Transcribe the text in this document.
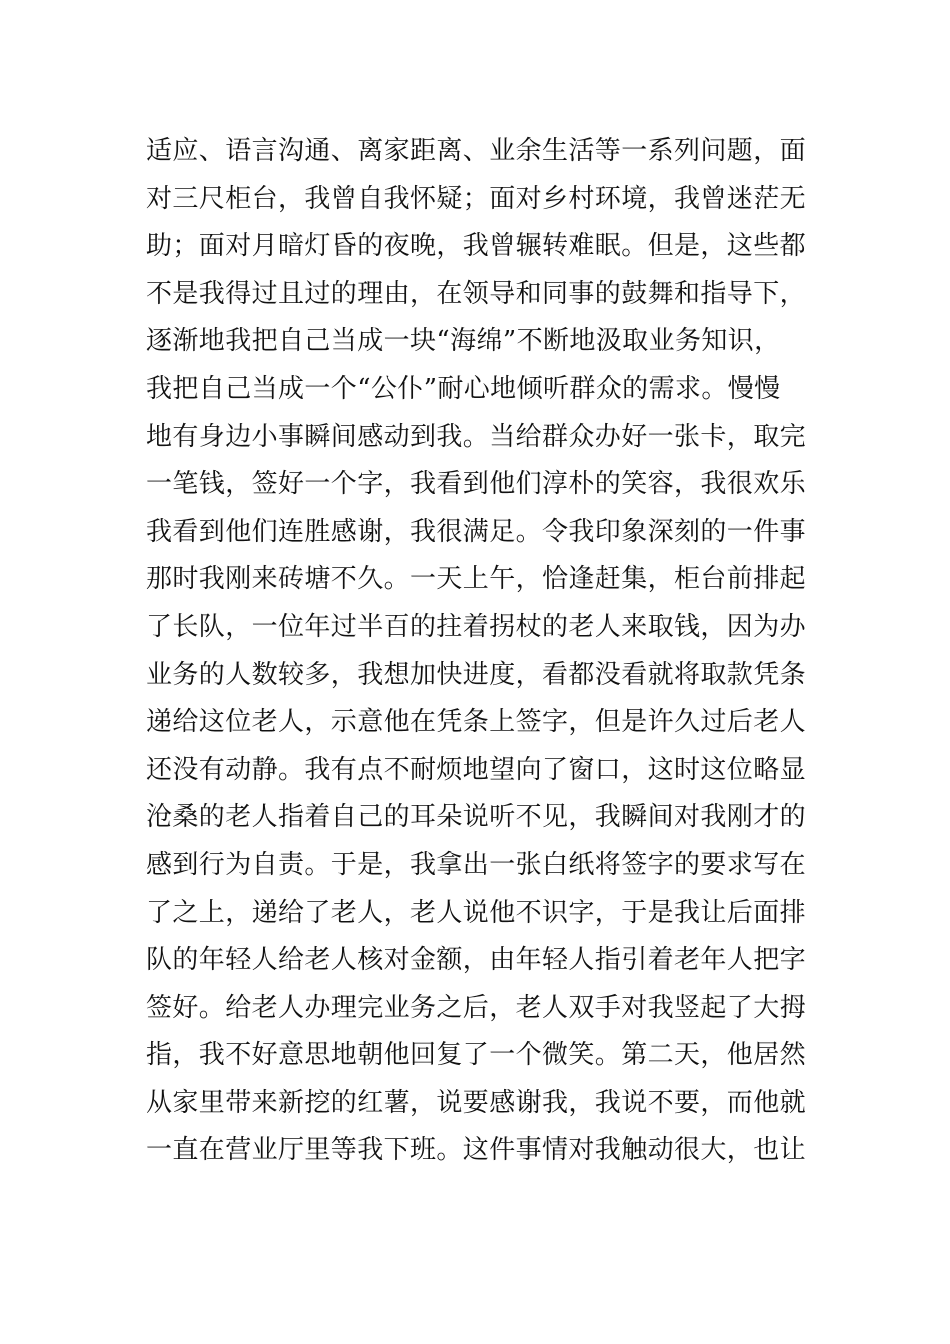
适应、语言沟通、离家距离、业余生活等一系列问题，面
对三尺柜台，我曾自我怀疑；面对乡村环境，我曾迷茫无
助；面对月暗灯昏的夜晚，我曾辗转难眠。但是，这些都
不是我得过且过的理由，在领导和同事的鼓舞和指导下，
逐渐地我把自己当成一块“海绵”不断地汲取业务知识，
我把自己当成一个“公仆”耐心地倾听群众的需求。慢慢
地有身边小事瞬间感动到我。当给群众办好一张卡，取完
一笔钱，签好一个字，我看到他们淳朴的笑容，我很欢乐
我看到他们连胜感谢，我很满足。令我印象深刻的一件事
那时我刚来砖塘不久。一天上午，恰逢赶集，柜台前排起
了长队，一位年过半百的拄着拐杖的老人来取钱，因为办
业务的人数较多，我想加快进度，看都没看就将取款凭条
递给这位老人，示意他在凭条上签字，但是许久过后老人
还没有动静。我有点不耐烦地望向了窗口，这时这位略显
沧桑的老人指着自己的耳朵说听不见，我瞬间对我刚才的
感到行为自责。于是，我拿出一张白纸将签字的要求写在
了之上，递给了老人，老人说他不识字，于是我让后面排
队的年轻人给老人核对金额，由年轻人指引着老年人把字
签好。给老人办理完业务之后，老人双手对我竖起了大拇
指，我不好意思地朝他回复了一个微笑。第二天，他居然
从家里带来新挖的红薯，说要感谢我，我说不要，而他就
一直在营业厅里等我下班。这件事情对我触动很大，也让
